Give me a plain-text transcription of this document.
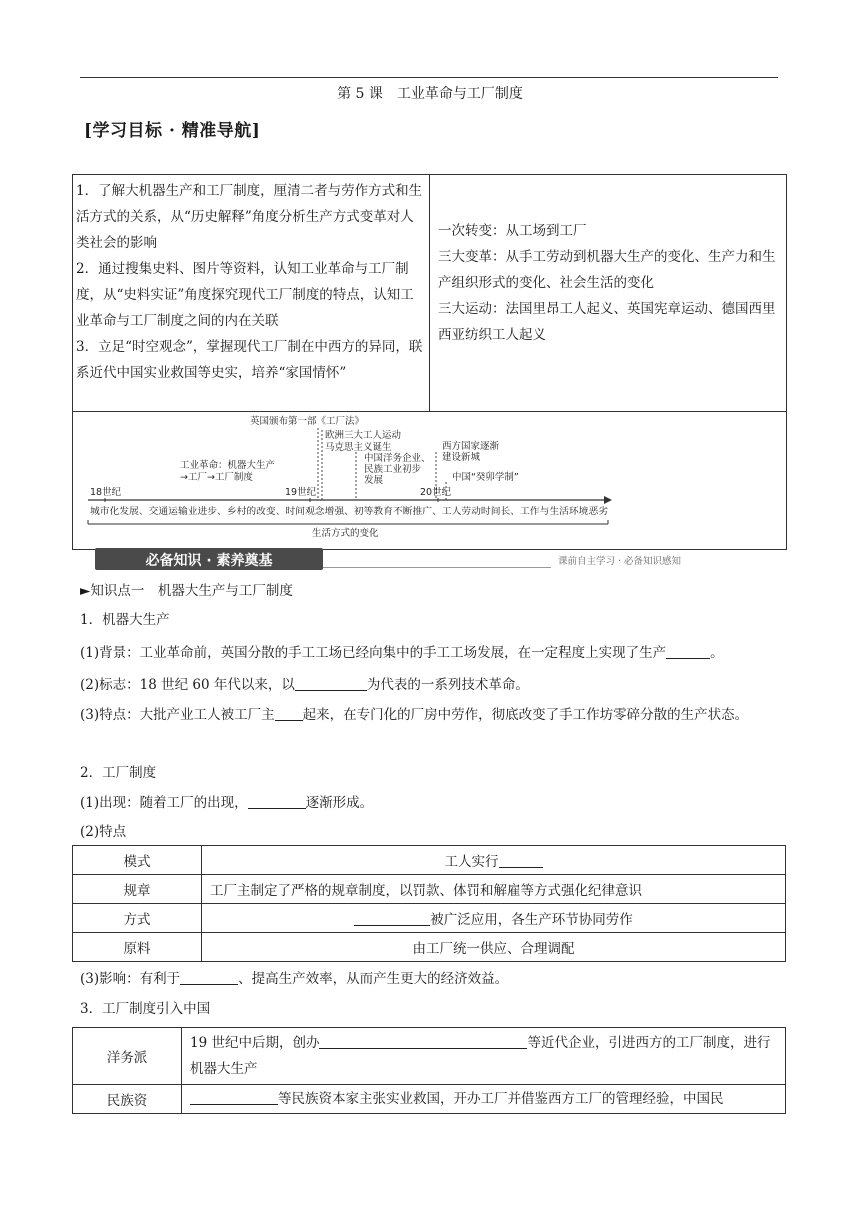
第 5 课　工业革命与工厂制度
[学习目标 · 精准导航]
1．了解大机器生产和工厂制度，厘清二者与劳作方式和生活方式的关系，从“历史解释”角度分析生产方式变革对人类社会的影响
2．通过搜集史料、图片等资料，认知工业革命与工厂制度，从“史料实证”角度探究现代工厂制度的特点，认知工业革命与工厂制度之间的内在关联
3．立足“时空观念”，掌握现代工厂制在中西方的异同，联系近代中国实业救国等史实，培养“家国情怀”
一次转变：从工场到工厂
三大变革：从手工劳动到机器大生产的变化、生产力和生产组织形式的变化、社会生活的变化
三大运动：法国里昂工人起义、英国宪章运动、德国西里西亚纺织工人起义
英国颁布第一部《工厂法》
欧洲三大工人运动
马克思主义诞生
中国洋务企业、
民族工业初步
发展
西方国家逐渐
建设新城
中国“癸卯学制”
工业革命：机器大生产
→工厂→工厂制度
18世纪	19世纪	20世纪
城市化发展、交通运输业进步、乡村的改变、时间观念增强、初等教育不断推广、工人劳动时间长、工作与生活环境恶劣
生活方式的变化
必备知识 · 素养奠基	课前自主学习 · 必备知识感知
►知识点一　机器大生产与工厂制度
1．机器大生产
(1)背景：工业革命前，英国分散的手工工场已经向集中的手工工场发展，在一定程度上实现了生产	。
(2)标志：18 世纪 60 年代以来，以	为代表的一系列技术革命。
(3)特点：大批产业工人被工厂主 起来，在专门化的厂房中劳作，彻底改变了手工作坊零碎分散的生产状态。
2．工厂制度
(1)出现：随着工厂的出现，	逐渐形成。
(2)特点
模式	工人实行
规章	工厂主制定了严格的规章制度，以罚款、体罚和解雇等方式强化纪律意识
方式	被广泛应用，各生产环节协同劳作
原料	由工厂统一供应、合理调配
(3)影响：有利于	、提高生产效率，从而产生更大的经济效益。
3．工厂制度引入中国
洋务派	19 世纪中后期，创办 等近代企业，引进西方的工厂制度，进行机器大生产
民族资	等民族资本家主张实业救国，开办工厂并借鉴西方工厂的管理经验，中国民
